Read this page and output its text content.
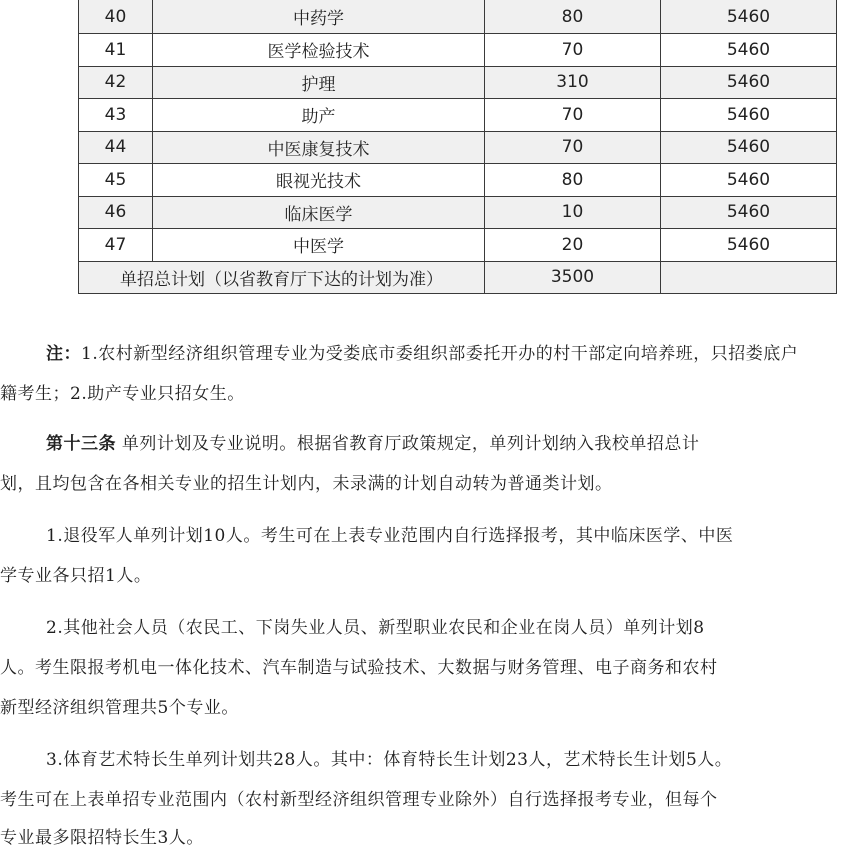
40	中药学	80	5460
41	医学检验技术	70	5460
42	护理	310	5460
43	助产	70	5460
44	中医康复技术	70	5460
45	眼视光技术	80	5460
46	临床医学	10	5460
47	中医学	20	5460
单招总计划（以省教育厅下达的计划为准）		3500	

注：1.农村新型经济组织管理专业为受娄底市委组织部委托开办的村干部定向培养班，只招娄底户

籍考生；2.助产专业只招女生。

第十三条 单列计划及专业说明。根据省教育厅政策规定，单列计划纳入我校单招总计

划，且均包含在各相关专业的招生计划内，未录满的计划自动转为普通类计划。

1.退役军人单列计划10人。考生可在上表专业范围内自行选择报考，其中临床医学、中医

学专业各只招1人。

2.其他社会人员（农民工、下岗失业人员、新型职业农民和企业在岗人员）单列计划8

人。考生限报考机电一体化技术、汽车制造与试验技术、大数据与财务管理、电子商务和农村

新型经济组织管理共5个专业。

3.体育艺术特长生单列计划共28人。其中：体育特长生计划23人，艺术特长生计划5人。

考生可在上表单招专业范围内（农村新型经济组织管理专业除外）自行选择报考专业，但每个

专业最多限招特长生3人。
